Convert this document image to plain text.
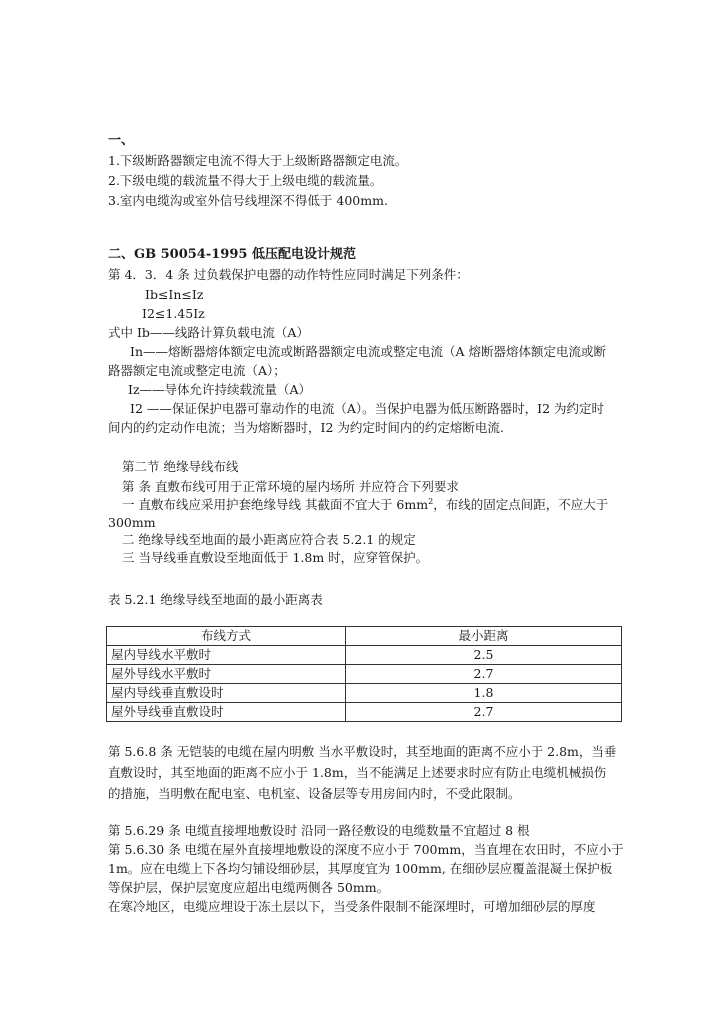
一、
1.下级断路器额定电流不得大于上级断路器额定电流。
2.下级电缆的载流量不得大于上级电缆的载流量。
3.室内电缆沟或室外信号线埋深不得低于 400mm.
二、GB 50054-1995 低压配电设计规范
第 4．3．4 条 过负载保护电器的动作特性应同时满足下列条件：
Ib≤In≤Iz
I2≤1.45Iz
式中 Ib——线路计算负载电流（A）
In——熔断器熔体额定电流或断路器额定电流或整定电流（A 熔断器熔体额定电流或断
路器额定电流或整定电流（A）；
Iz——导体允许持续载流量（A）
I2 ——保证保护电器可靠动作的电流（A）。当保护电器为低压断路器时，I2 为约定时
间内的约定动作电流；当为熔断器时，I2 为约定时间内的约定熔断电流.
第二节 绝缘导线布线
第 条 直敷布线可用于正常环境的屋内场所 并应符合下列要求
一 直敷布线应采用护套绝缘导线 其截面不宜大于 $6mm^2$，布线的固定点间距，不应大于
300mm
二 绝缘导线至地面的最小距离应符合表 5.2.1 的规定
三 当导线垂直敷设至地面低于 1.8m 时，应穿管保护。
表 5.2.1 绝缘导线至地面的最小距离表
布线方式	最小距离
屋内导线水平敷时	2.5
屋外导线水平敷时	2.7
屋内导线垂直敷设时	1.8
屋外导线垂直敷设时	2.7
第 5.6.8 条 无铠装的电缆在屋内明敷 当水平敷设时，其至地面的距离不应小于 2.8m，当垂
直敷设时，其至地面的距离不应小于 1.8m，当不能满足上述要求时应有防止电缆机械损伤
的措施，当明敷在配电室、电机室、设备层等专用房间内时，不受此限制。
第 5.6.29 条 电缆直接埋地敷设时 沿同一路径敷设的电缆数量不宜超过 8 根
第 5.6.30 条 电缆在屋外直接埋地敷设的深度不应小于 700mm，当直埋在农田时，不应小于
1m。应在电缆上下各均匀铺设细砂层，其厚度宜为 100mm, 在细砂层应覆盖混凝土保护板
等保护层，保护层宽度应超出电缆两侧各 50mm。
在寒冷地区，电缆应埋设于冻土层以下，当受条件限制不能深埋时，可增加细砂层的厚度
